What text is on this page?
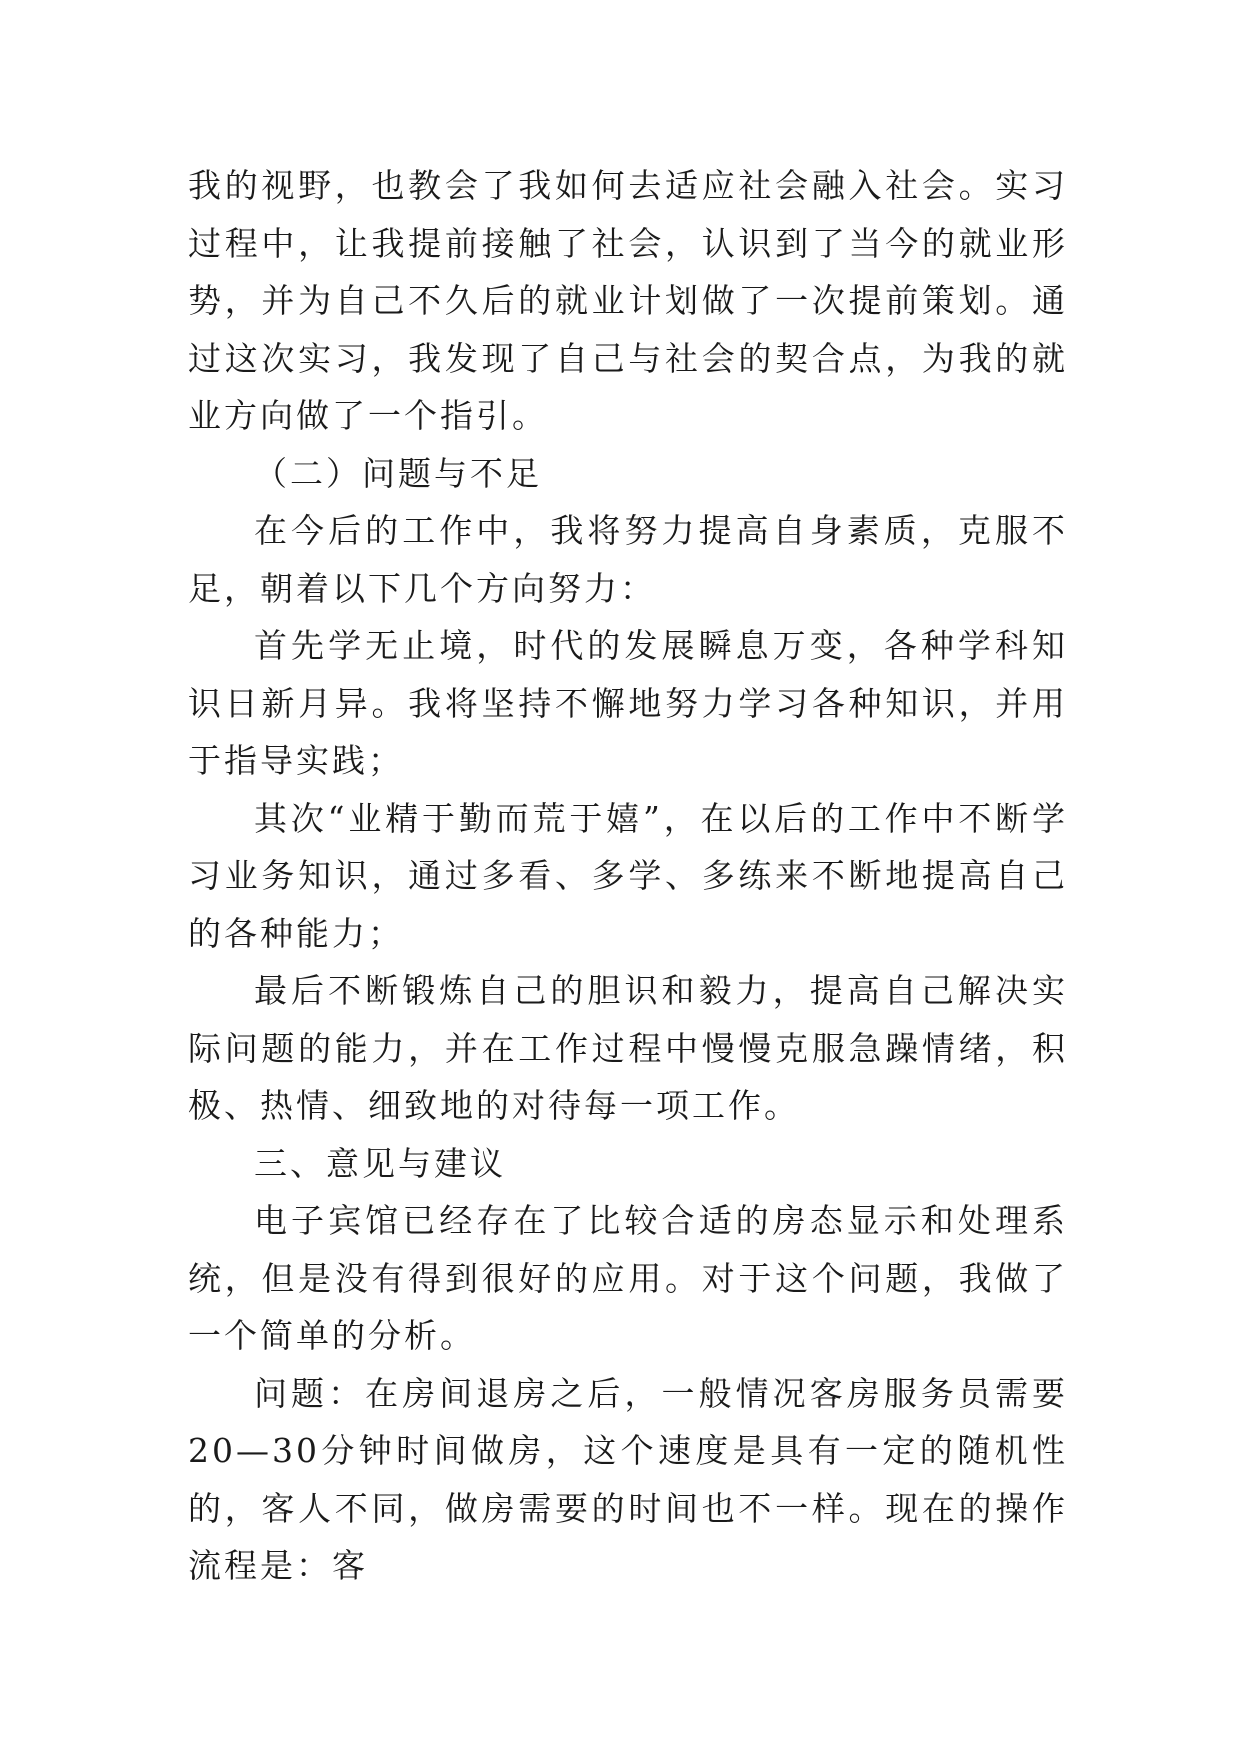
我的视野，也教会了我如何去适应社会融入社会。实习过程中，让我提前接触了社会，认识到了当今的就业形势，并为自己不久后的就业计划做了一次提前策划。通过这次实习，我发现了自己与社会的契合点，为我的就业方向做了一个指引。

（二）问题与不足

在今后的工作中，我将努力提高自身素质，克服不足，朝着以下几个方向努力：

首先学无止境，时代的发展瞬息万变，各种学科知识日新月异。我将坚持不懈地努力学习各种知识，并用于指导实践；

其次“业精于勤而荒于嬉”，在以后的工作中不断学习业务知识，通过多看、多学、多练来不断地提高自己的各种能力；

最后不断锻炼自己的胆识和毅力，提高自己解决实际问题的能力，并在工作过程中慢慢克服急躁情绪，积极、热情、细致地的对待每一项工作。

三、意见与建议

电子宾馆已经存在了比较合适的房态显示和处理系统，但是没有得到很好的应用。对于这个问题，我做了一个简单的分析。

问题：在房间退房之后，一般情况客房服务员需要20—30分钟时间做房，这个速度是具有一定的随机性的，客人不同，做房需要的时间也不一样。现在的操作流程是：客
